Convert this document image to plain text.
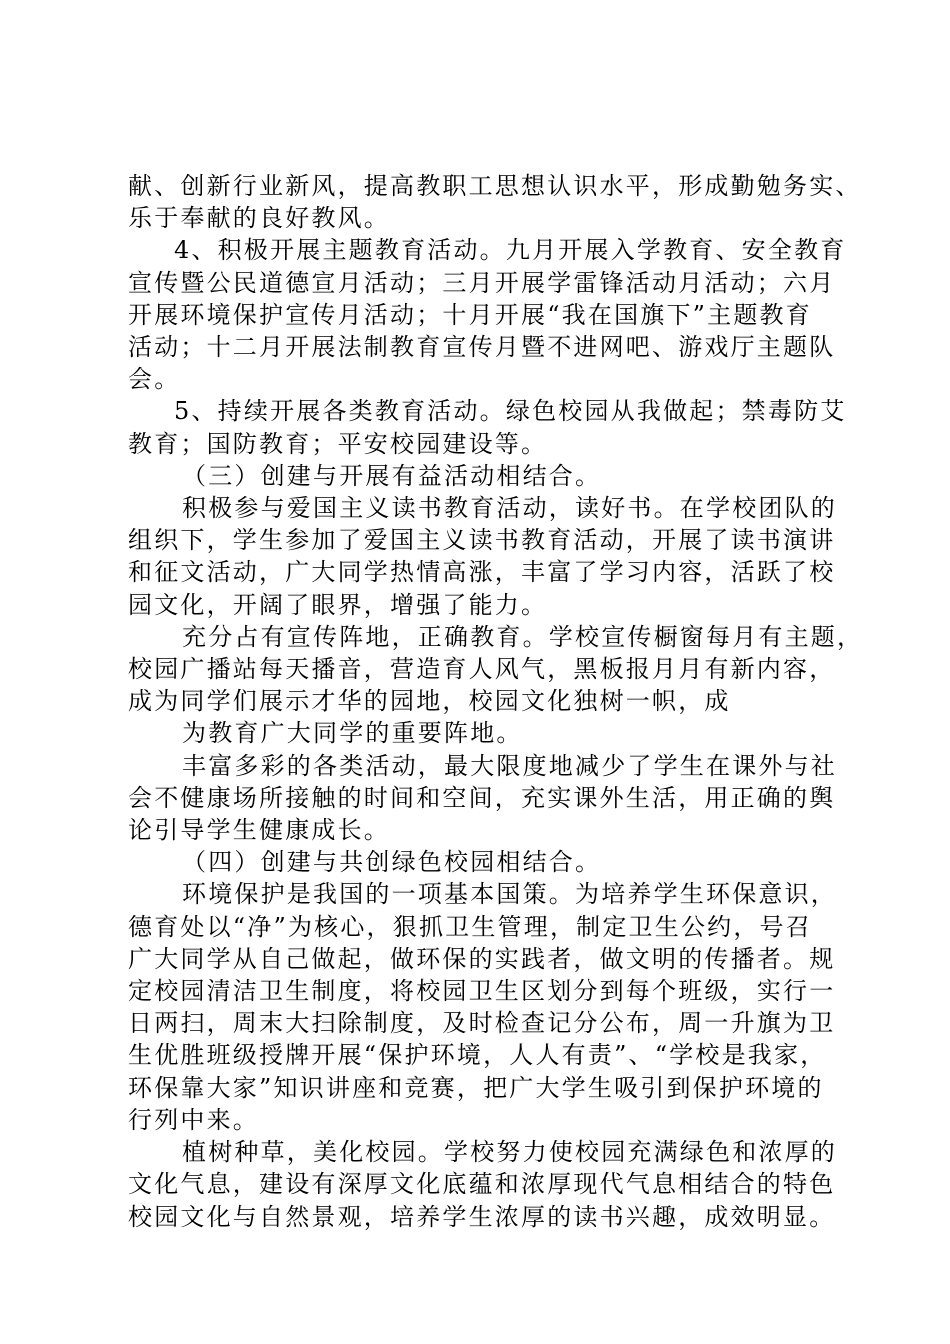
献、创新行业新风，提高教职工思想认识水平，形成勤勉务实、
乐于奉献的良好教风。
4、积极开展主题教育活动。九月开展入学教育、安全教育
宣传暨公民道德宣月活动；三月开展学雷锋活动月活动；六月
开展环境保护宣传月活动；十月开展“我在国旗下”主题教育
活动；十二月开展法制教育宣传月暨不进网吧、游戏厅主题队
会。
5、持续开展各类教育活动。绿色校园从我做起；禁毒防艾
教育；国防教育；平安校园建设等。
（三）创建与开展有益活动相结合。
积极参与爱国主义读书教育活动，读好书。在学校团队的
组织下，学生参加了爱国主义读书教育活动，开展了读书演讲
和征文活动，广大同学热情高涨，丰富了学习内容，活跃了校
园文化，开阔了眼界，增强了能力。
充分占有宣传阵地，正确教育。学校宣传橱窗每月有主题，
校园广播站每天播音，营造育人风气，黑板报月月有新内容，
成为同学们展示才华的园地，校园文化独树一帜，成
为教育广大同学的重要阵地。
丰富多彩的各类活动，最大限度地减少了学生在课外与社
会不健康场所接触的时间和空间，充实课外生活，用正确的舆
论引导学生健康成长。
（四）创建与共创绿色校园相结合。
环境保护是我国的一项基本国策。为培养学生环保意识，
德育处以“净”为核心，狠抓卫生管理，制定卫生公约，号召
广大同学从自己做起，做环保的实践者，做文明的传播者。规
定校园清洁卫生制度，将校园卫生区划分到每个班级，实行一
日两扫，周末大扫除制度，及时检查记分公布，周一升旗为卫
生优胜班级授牌开展“保护环境，人人有责”、“学校是我家，
环保靠大家”知识讲座和竞赛，把广大学生吸引到保护环境的
行列中来。
植树种草，美化校园。学校努力使校园充满绿色和浓厚的
文化气息，建设有深厚文化底蕴和浓厚现代气息相结合的特色
校园文化与自然景观，培养学生浓厚的读书兴趣，成效明显。
